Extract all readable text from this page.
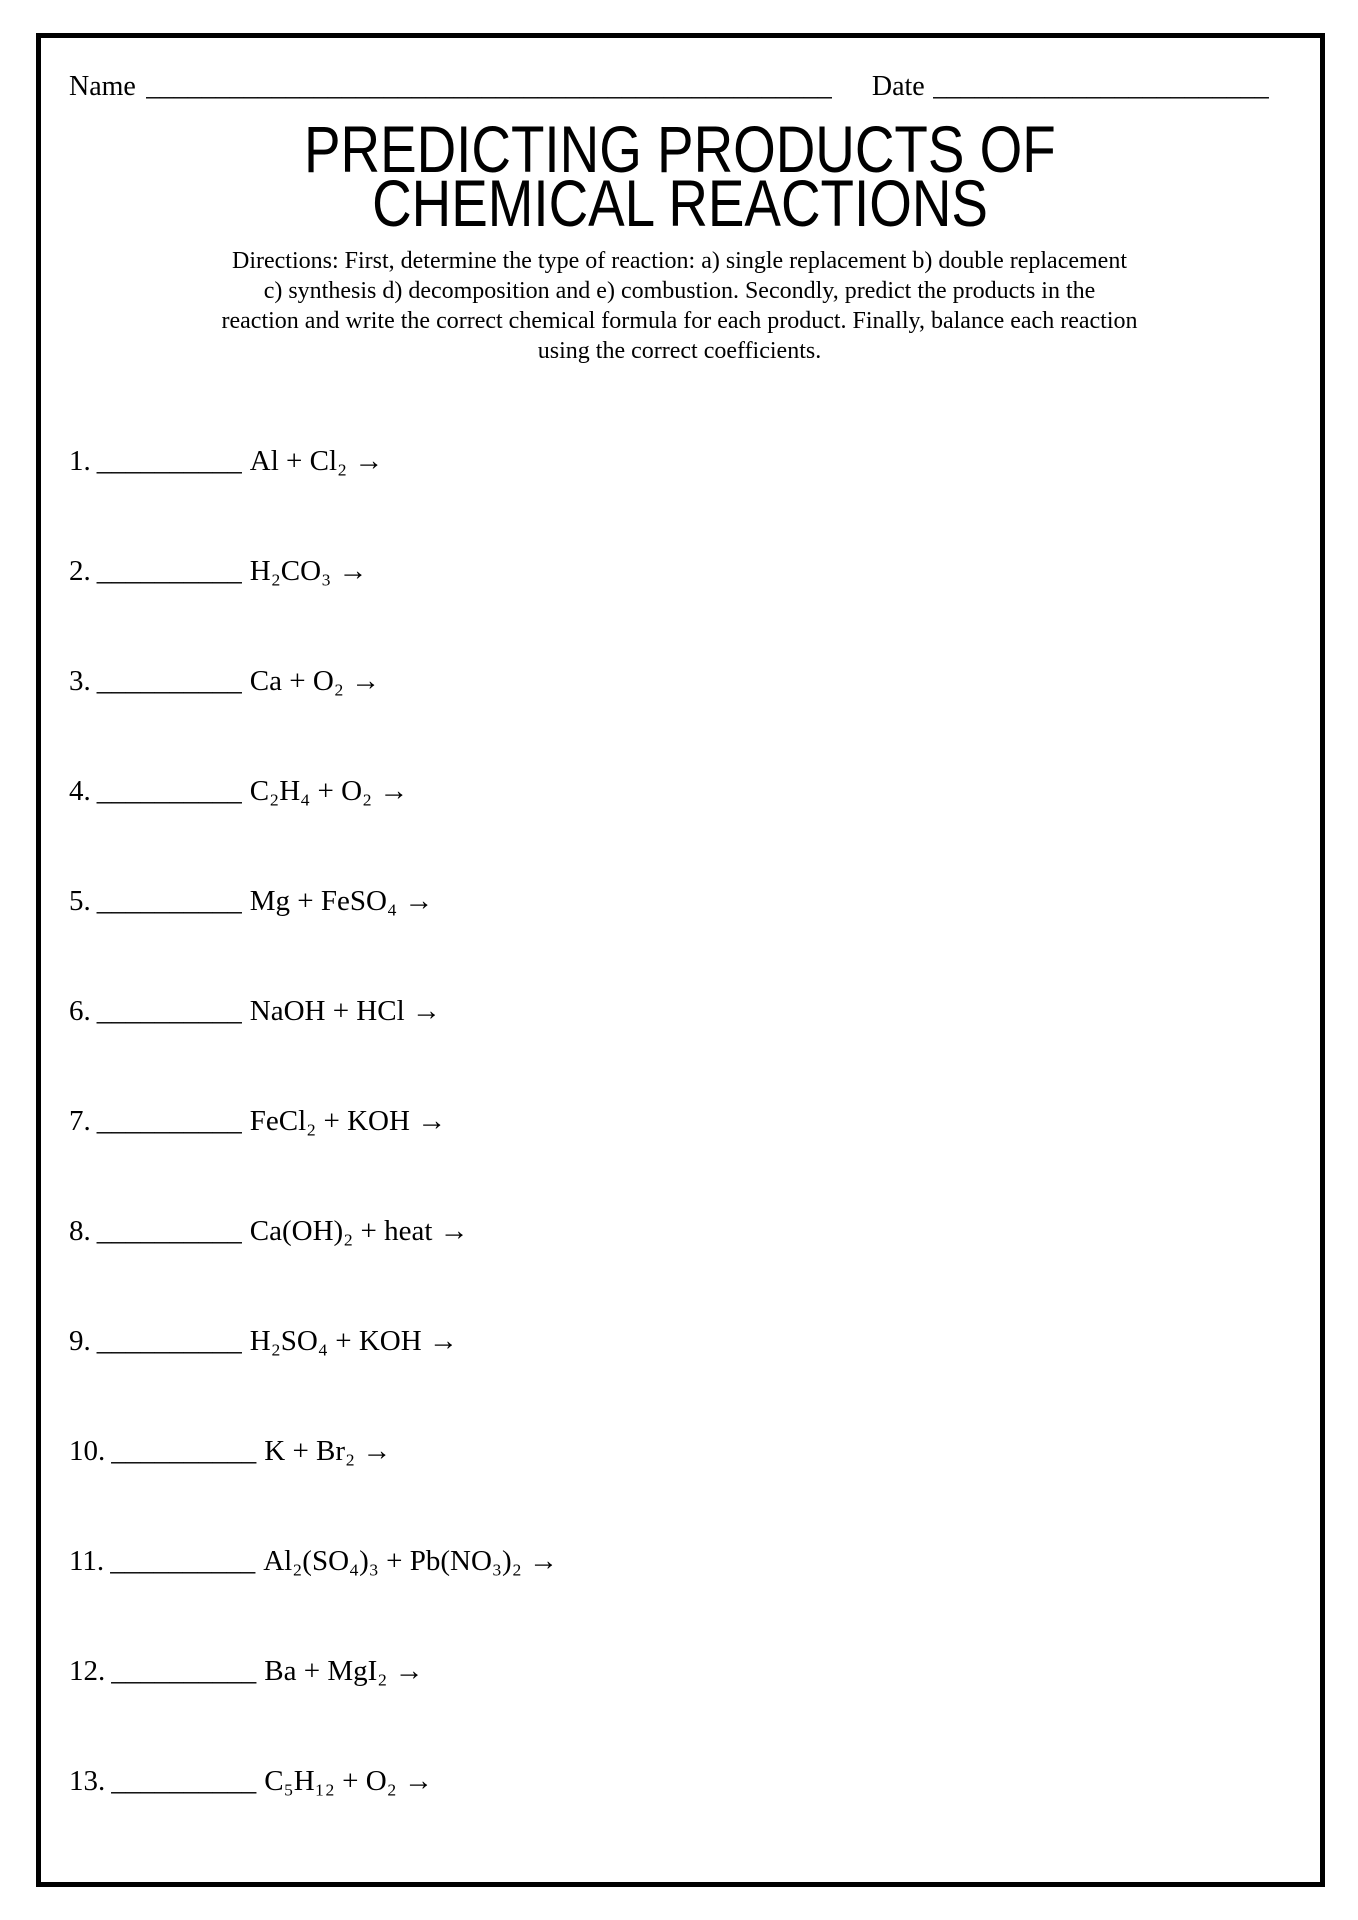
Name _________________________________________________ Date ________________________
PREDICTING PRODUCTS OF
CHEMICAL REACTIONS
Directions: First, determine the type of reaction: a) single replacement b) double replacement
c) synthesis d) decomposition and e) combustion. Secondly, predict the products in the
reaction and write the correct chemical formula for each product. Finally, balance each reaction
using the correct coefficients.
1. __________ Al + Cl₂ →
2. __________ H₂CO₃ →
3. __________ Ca + O₂ →
4. __________ C₂H₄ + O₂ →
5. __________ Mg + FeSO₄ →
6. __________ NaOH + HCl →
7. __________ FeCl₂ + KOH →
8. __________ Ca(OH)₂ + heat →
9. __________ H₂SO₄ + KOH →
10. __________ K + Br₂ →
11. __________ Al₂(SO₄)₃ + Pb(NO₃)₂ →
12. __________ Ba + MgI₂ →
13. __________ C₅H₁₂ + O₂ →
